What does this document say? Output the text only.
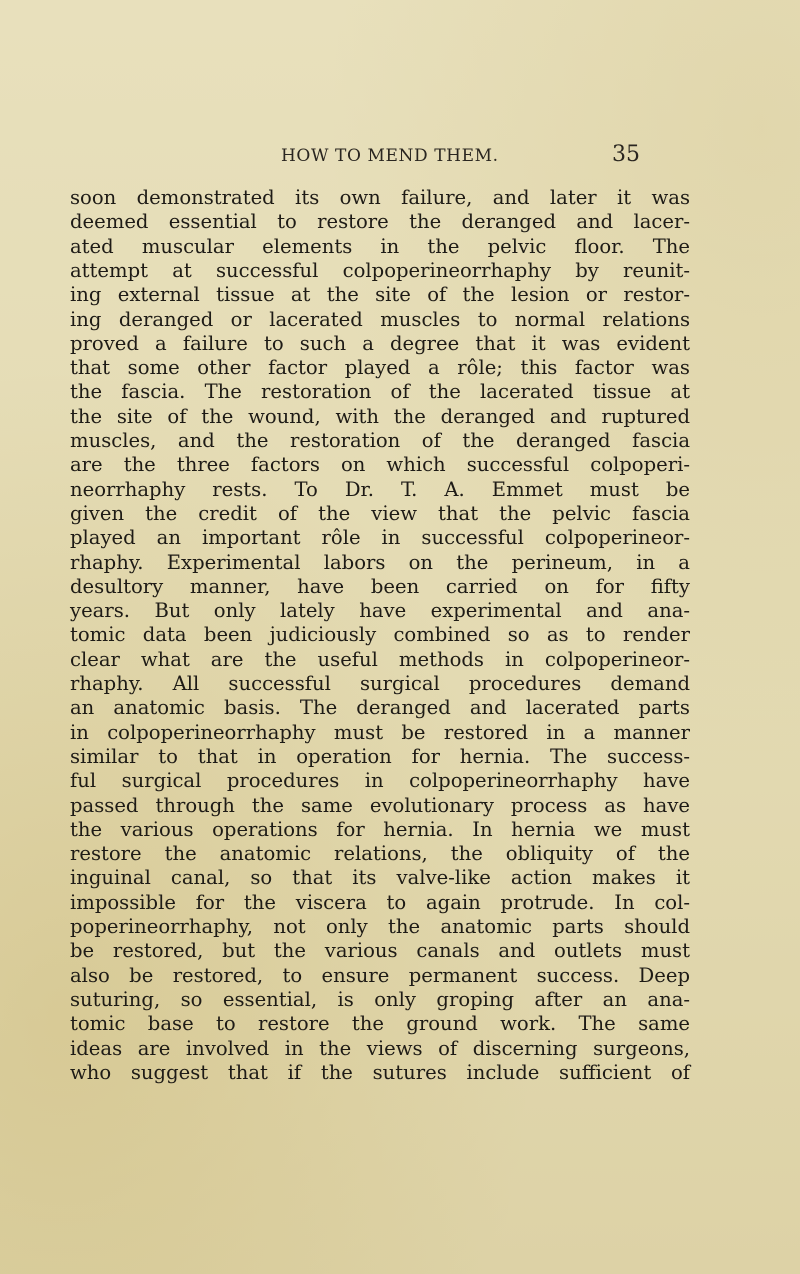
HOW TO MEND THEM.	35
soon demonstrated its own failure, and later it was
deemed essential to restore the deranged and lacer-
ated muscular elements in the pelvic floor. The
attempt at successful colpoperineorrhaphy by reunit-
ing external tissue at the site of the lesion or restor-
ing deranged or lacerated muscles to normal relations
proved a failure to such a degree that it was evident
that some other factor played a rôle; this factor was
the fascia. The restoration of the lacerated tissue at
the site of the wound, with the deranged and ruptured
muscles, and the restoration of the deranged fascia
are the three factors on which successful colpoperi-
neorrhaphy rests. To Dr. T. A. Emmet must be
given the credit of the view that the pelvic fascia
played an important rôle in successful colpoperineor-
rhaphy. Experimental labors on the perineum, in a
desultory manner, have been carried on for fifty
years. But only lately have experimental and ana-
tomic data been judiciously combined so as to render
clear what are the useful methods in colpoperineor-
rhaphy. All successful surgical procedures demand
an anatomic basis. The deranged and lacerated parts
in colpoperineorrhaphy must be restored in a manner
similar to that in operation for hernia. The success-
ful surgical procedures in colpoperineorrhaphy have
passed through the same evolutionary process as have
the various operations for hernia. In hernia we must
restore the anatomic relations, the obliquity of the
inguinal canal, so that its valve-like action makes it
impossible for the viscera to again protrude. In col-
poperineorrhaphy, not only the anatomic parts should
be restored, but the various canals and outlets must
also be restored, to ensure permanent success. Deep
suturing, so essential, is only groping after an ana-
tomic base to restore the ground work. The same
ideas are involved in the views of discerning surgeons,
who suggest that if the sutures include sufficient of
